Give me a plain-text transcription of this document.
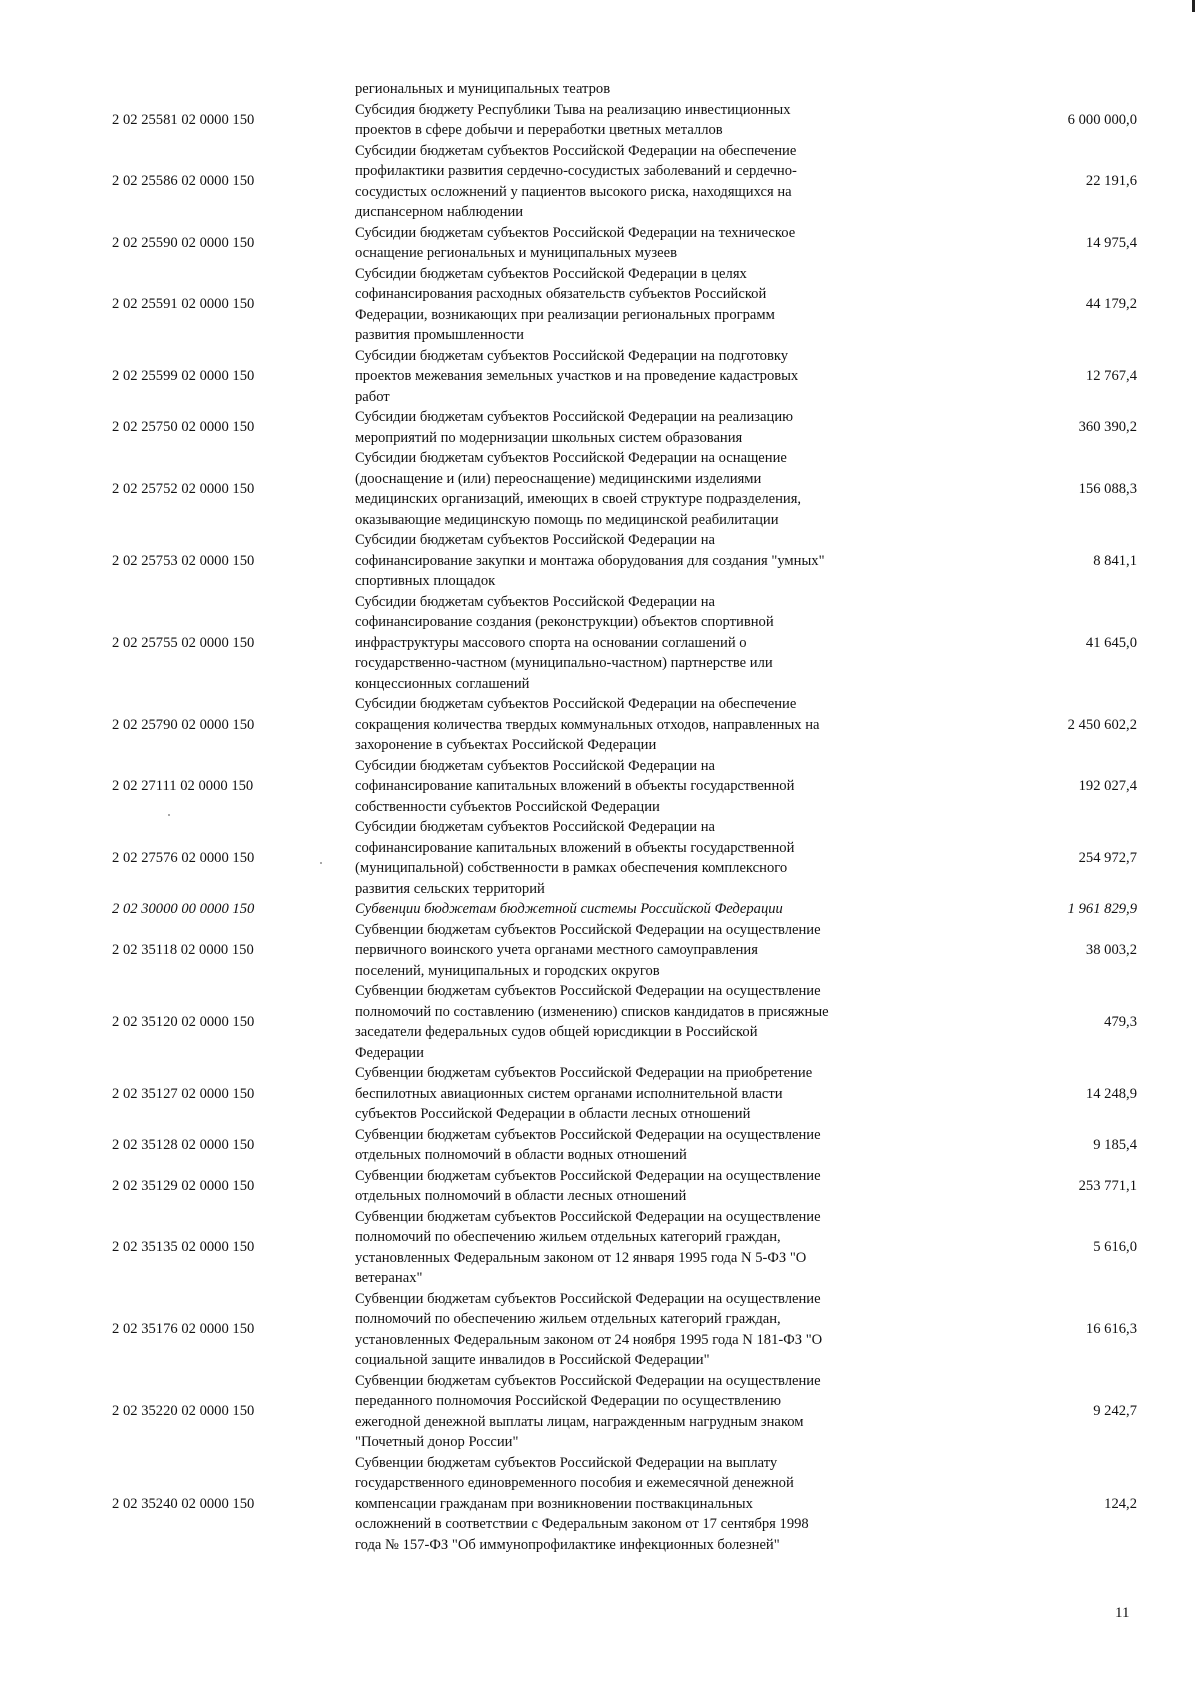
региональных и муниципальных театров
2 02 25581 02 0000 150
Субсидия бюджету Республики Тыва на реализацию инвестиционных
проектов в сфере добычи и переработки цветных металлов
6 000 000,0
2 02 25586 02 0000 150
Субсидии бюджетам субъектов Российской Федерации на обеспечение
профилактики развития сердечно-сосудистых заболеваний и сердечно-
сосудистых осложнений у пациентов высокого риска, находящихся на
диспансерном наблюдении
22 191,6
2 02 25590 02 0000 150
Субсидии бюджетам субъектов Российской Федерации на техническое
оснащение региональных и муниципальных музеев
14 975,4
2 02 25591 02 0000 150
Субсидии бюджетам субъектов Российской Федерации в целях
софинансирования расходных обязательств субъектов Российской
Федерации, возникающих при реализации региональных программ
развития промышленности
44 179,2
2 02 25599 02 0000 150
Субсидии бюджетам субъектов Российской Федерации на подготовку
проектов межевания земельных участков и на проведение кадастровых
работ
12 767,4
2 02 25750 02 0000 150
Субсидии бюджетам субъектов Российской Федерации на реализацию
мероприятий по модернизации школьных систем образования
360 390,2
2 02 25752 02 0000 150
Субсидии бюджетам субъектов Российской Федерации на оснащение
(дооснащение и (или) переоснащение) медицинскими изделиями
медицинских организаций, имеющих в своей структуре подразделения,
оказывающие медицинскую помощь по медицинской реабилитации
156 088,3
2 02 25753 02 0000 150
Субсидии бюджетам субъектов Российской Федерации на
софинансирование закупки и монтажа оборудования для создания "умных"
спортивных площадок
8 841,1
2 02 25755 02 0000 150
Субсидии бюджетам субъектов Российской Федерации на
софинансирование создания (реконструкции) объектов спортивной
инфраструктуры массового спорта на основании соглашений о
государственно-частном (муниципально-частном) партнерстве или
концессионных соглашений
41 645,0
2 02 25790 02 0000 150
Субсидии бюджетам субъектов Российской Федерации на обеспечение
сокращения количества твердых коммунальных отходов, направленных на
захоронение в субъектах Российской Федерации
2 450 602,2
2 02 27111 02 0000 150
Субсидии бюджетам субъектов Российской Федерации на
софинансирование капитальных вложений в объекты государственной
собственности субъектов Российской Федерации
192 027,4
2 02 27576 02 0000 150
Субсидии бюджетам субъектов Российской Федерации на
софинансирование капитальных вложений в объекты государственной
(муниципальной) собственности в рамках обеспечения комплексного
развития сельских территорий
254 972,7
2 02 30000 00 0000 150	Субвенции бюджетам бюджетной системы Российской Федерации	1 961 829,9
2 02 35118 02 0000 150
Субвенции бюджетам субъектов Российской Федерации на осуществление
первичного воинского учета органами местного самоуправления
поселений, муниципальных и городских округов
38 003,2
2 02 35120 02 0000 150
Субвенции бюджетам субъектов Российской Федерации на осуществление
полномочий по составлению (изменению) списков кандидатов в присяжные
заседатели федеральных судов общей юрисдикции в Российской
Федерации
479,3
2 02 35127 02 0000 150
Субвенции бюджетам субъектов Российской Федерации на приобретение
беспилотных авиационных систем органами исполнительной власти
субъектов Российской Федерации в области лесных отношений
14 248,9
2 02 35128 02 0000 150
Субвенции бюджетам субъектов Российской Федерации на осуществление
отдельных полномочий в области водных отношений
9 185,4
2 02 35129 02 0000 150
Субвенции бюджетам субъектов Российской Федерации на осуществление
отдельных полномочий в области лесных отношений
253 771,1
2 02 35135 02 0000 150
Субвенции бюджетам субъектов Российской Федерации на осуществление
полномочий по обеспечению жильем отдельных категорий граждан,
установленных Федеральным законом от 12 января 1995 года N 5-ФЗ "О
ветеранах"
5 616,0
2 02 35176 02 0000 150
Субвенции бюджетам субъектов Российской Федерации на осуществление
полномочий по обеспечению жильем отдельных категорий граждан,
установленных Федеральным законом от 24 ноября 1995 года N 181-ФЗ "О
социальной защите инвалидов в Российской Федерации"
16 616,3
2 02 35220 02 0000 150
Субвенции бюджетам субъектов Российской Федерации на осуществление
переданного полномочия Российской Федерации по осуществлению
ежегодной денежной выплаты лицам, награжденным нагрудным знаком
"Почетный донор России"
9 242,7
2 02 35240 02 0000 150
Субвенции бюджетам субъектов Российской Федерации на выплату
государственного единовременного пособия и ежемесячной денежной
компенсации гражданам при возникновении поствакцинальных
осложнений в соответствии с Федеральным законом от 17 сентября 1998
года № 157-ФЗ "Об иммунопрофилактике инфекционных болезней"
124,2
11
